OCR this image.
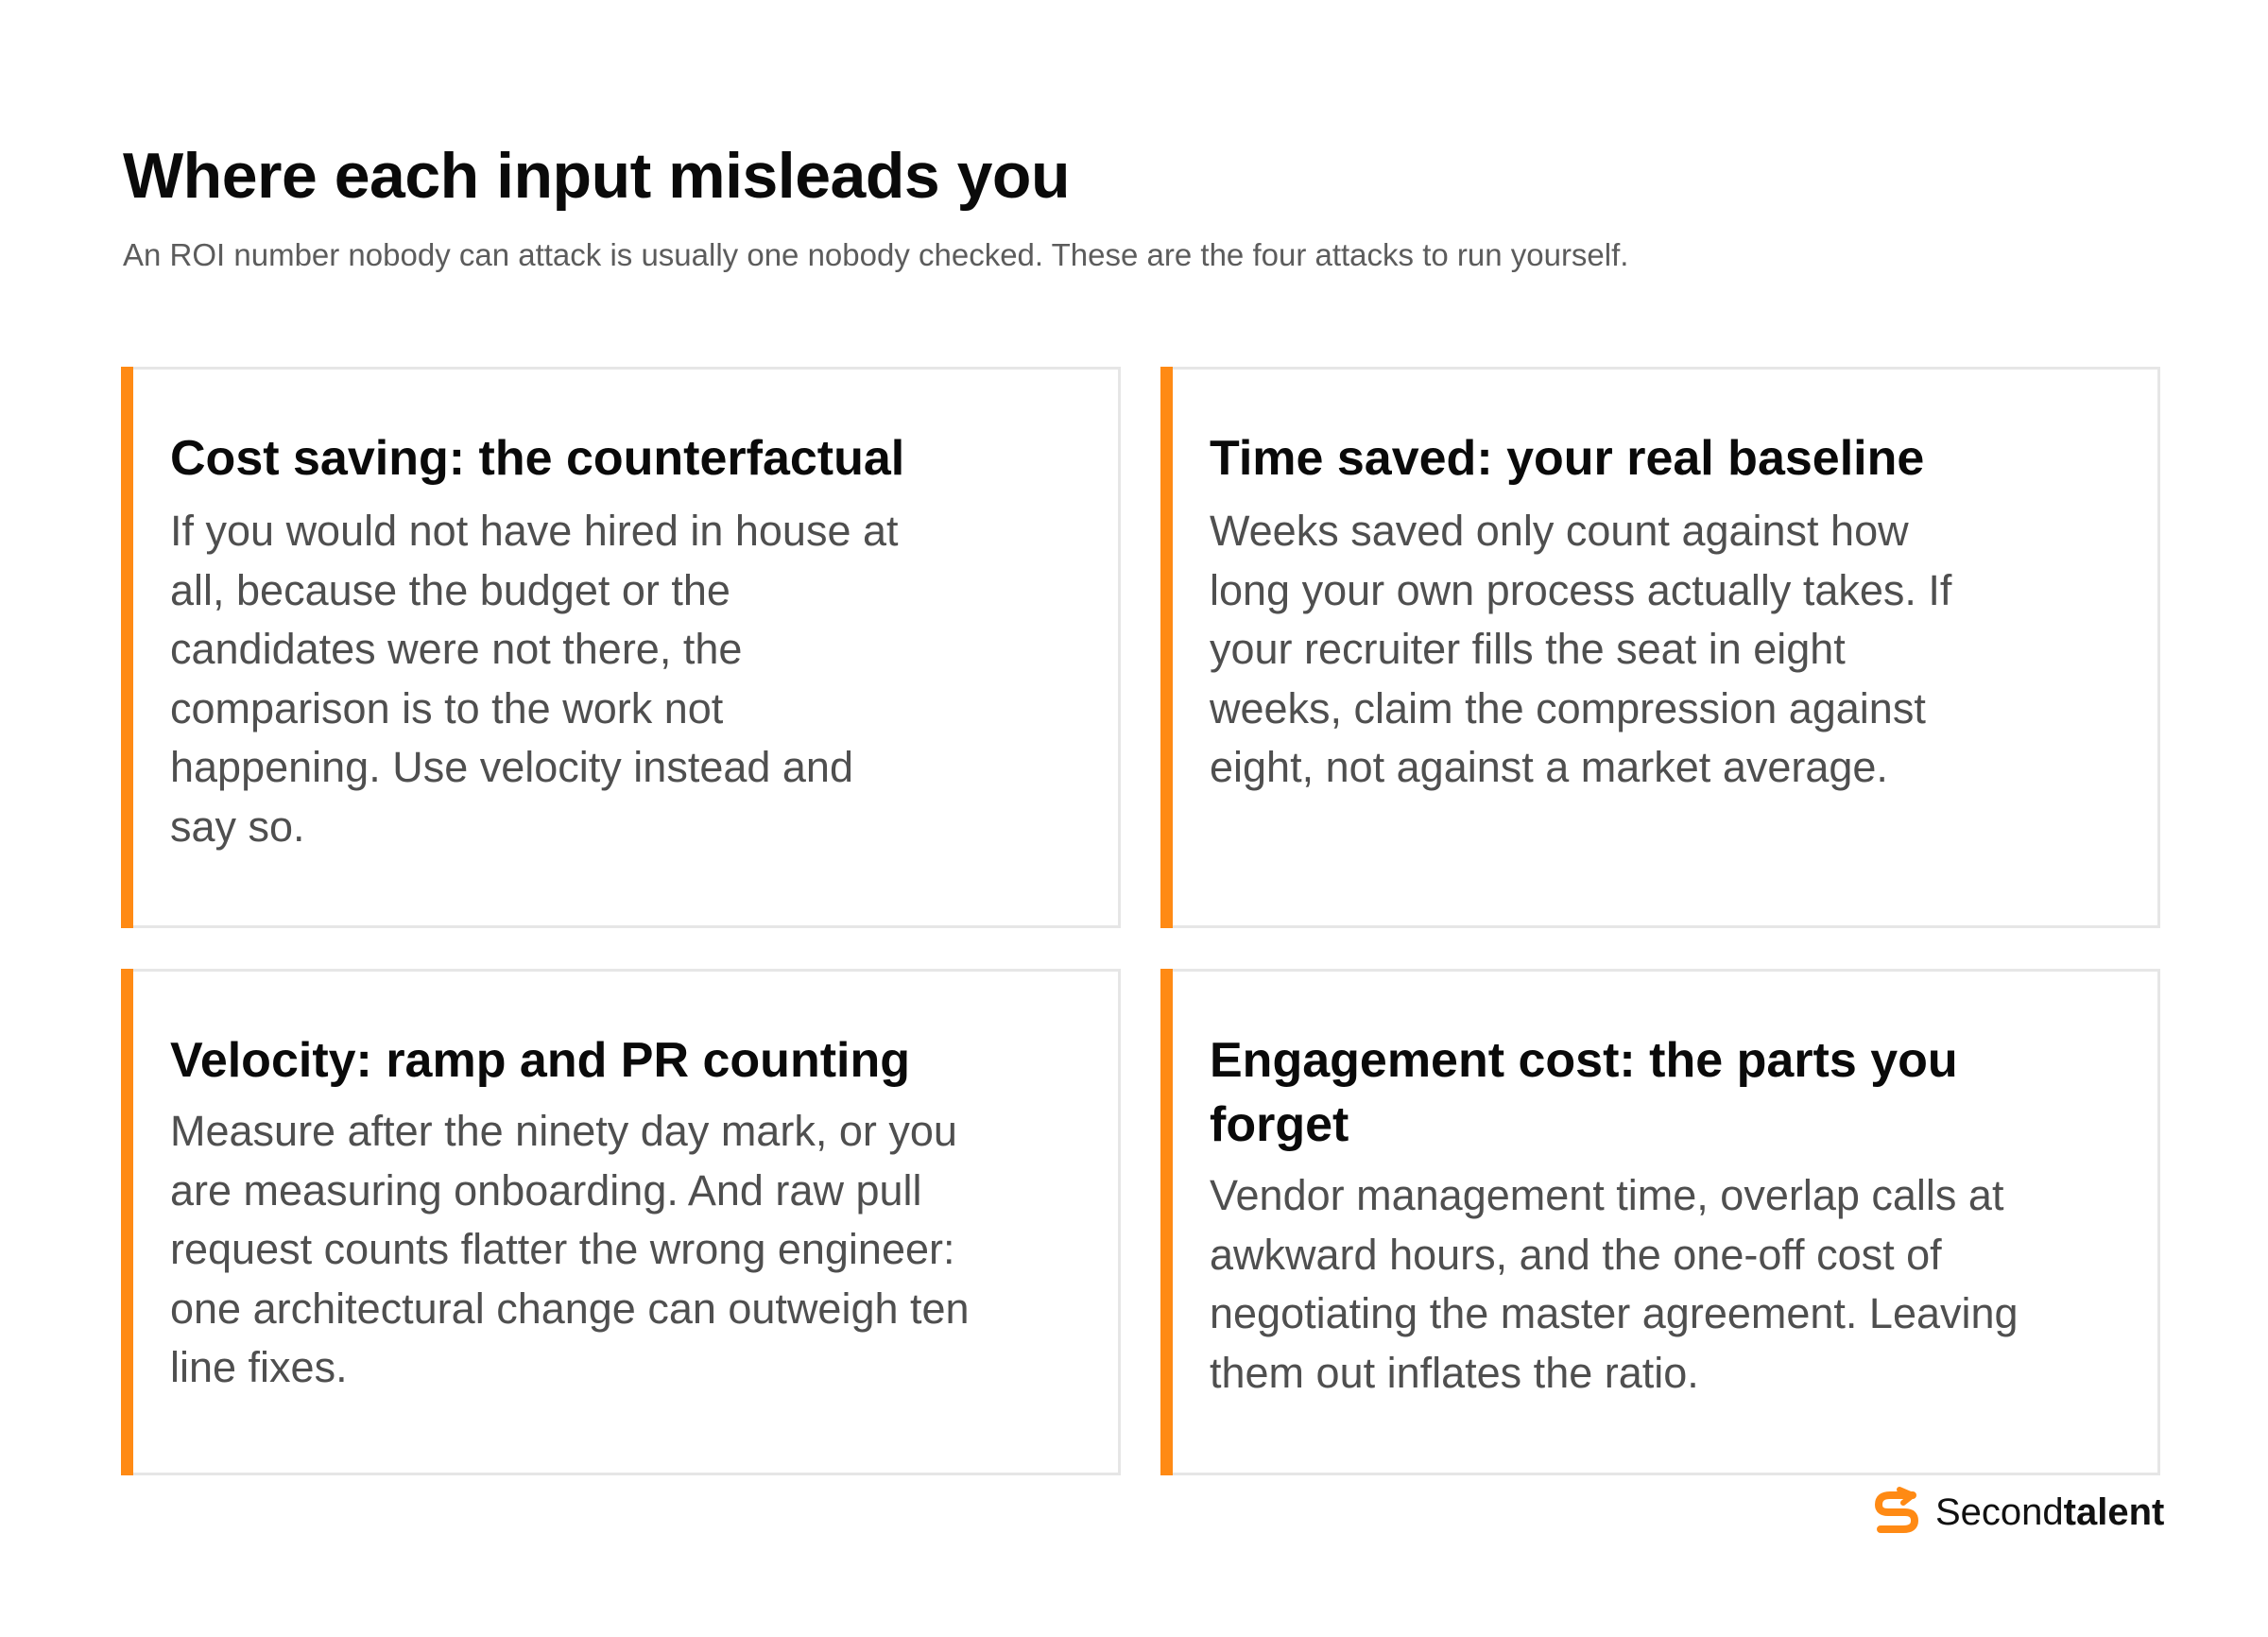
Where each input misleads you

An ROI number nobody can attack is usually one nobody checked. These are the four attacks to run yourself.

Cost saving: the counterfactual

If you would not have hired in house at all, because the budget or the candidates were not there, the comparison is to the work not happening. Use velocity instead and say so.

Time saved: your real baseline

Weeks saved only count against how long your own process actually takes. If your recruiter fills the seat in eight weeks, claim the compression against eight, not against a market average.

Velocity: ramp and PR counting

Measure after the ninety day mark, or you are measuring onboarding. And raw pull request counts flatter the wrong engineer: one architectural change can outweigh ten line fixes.

Engagement cost: the parts you forget

Vendor management time, overlap calls at awkward hours, and the one-off cost of negotiating the master agreement. Leaving them out inflates the ratio.

Secondtalent
